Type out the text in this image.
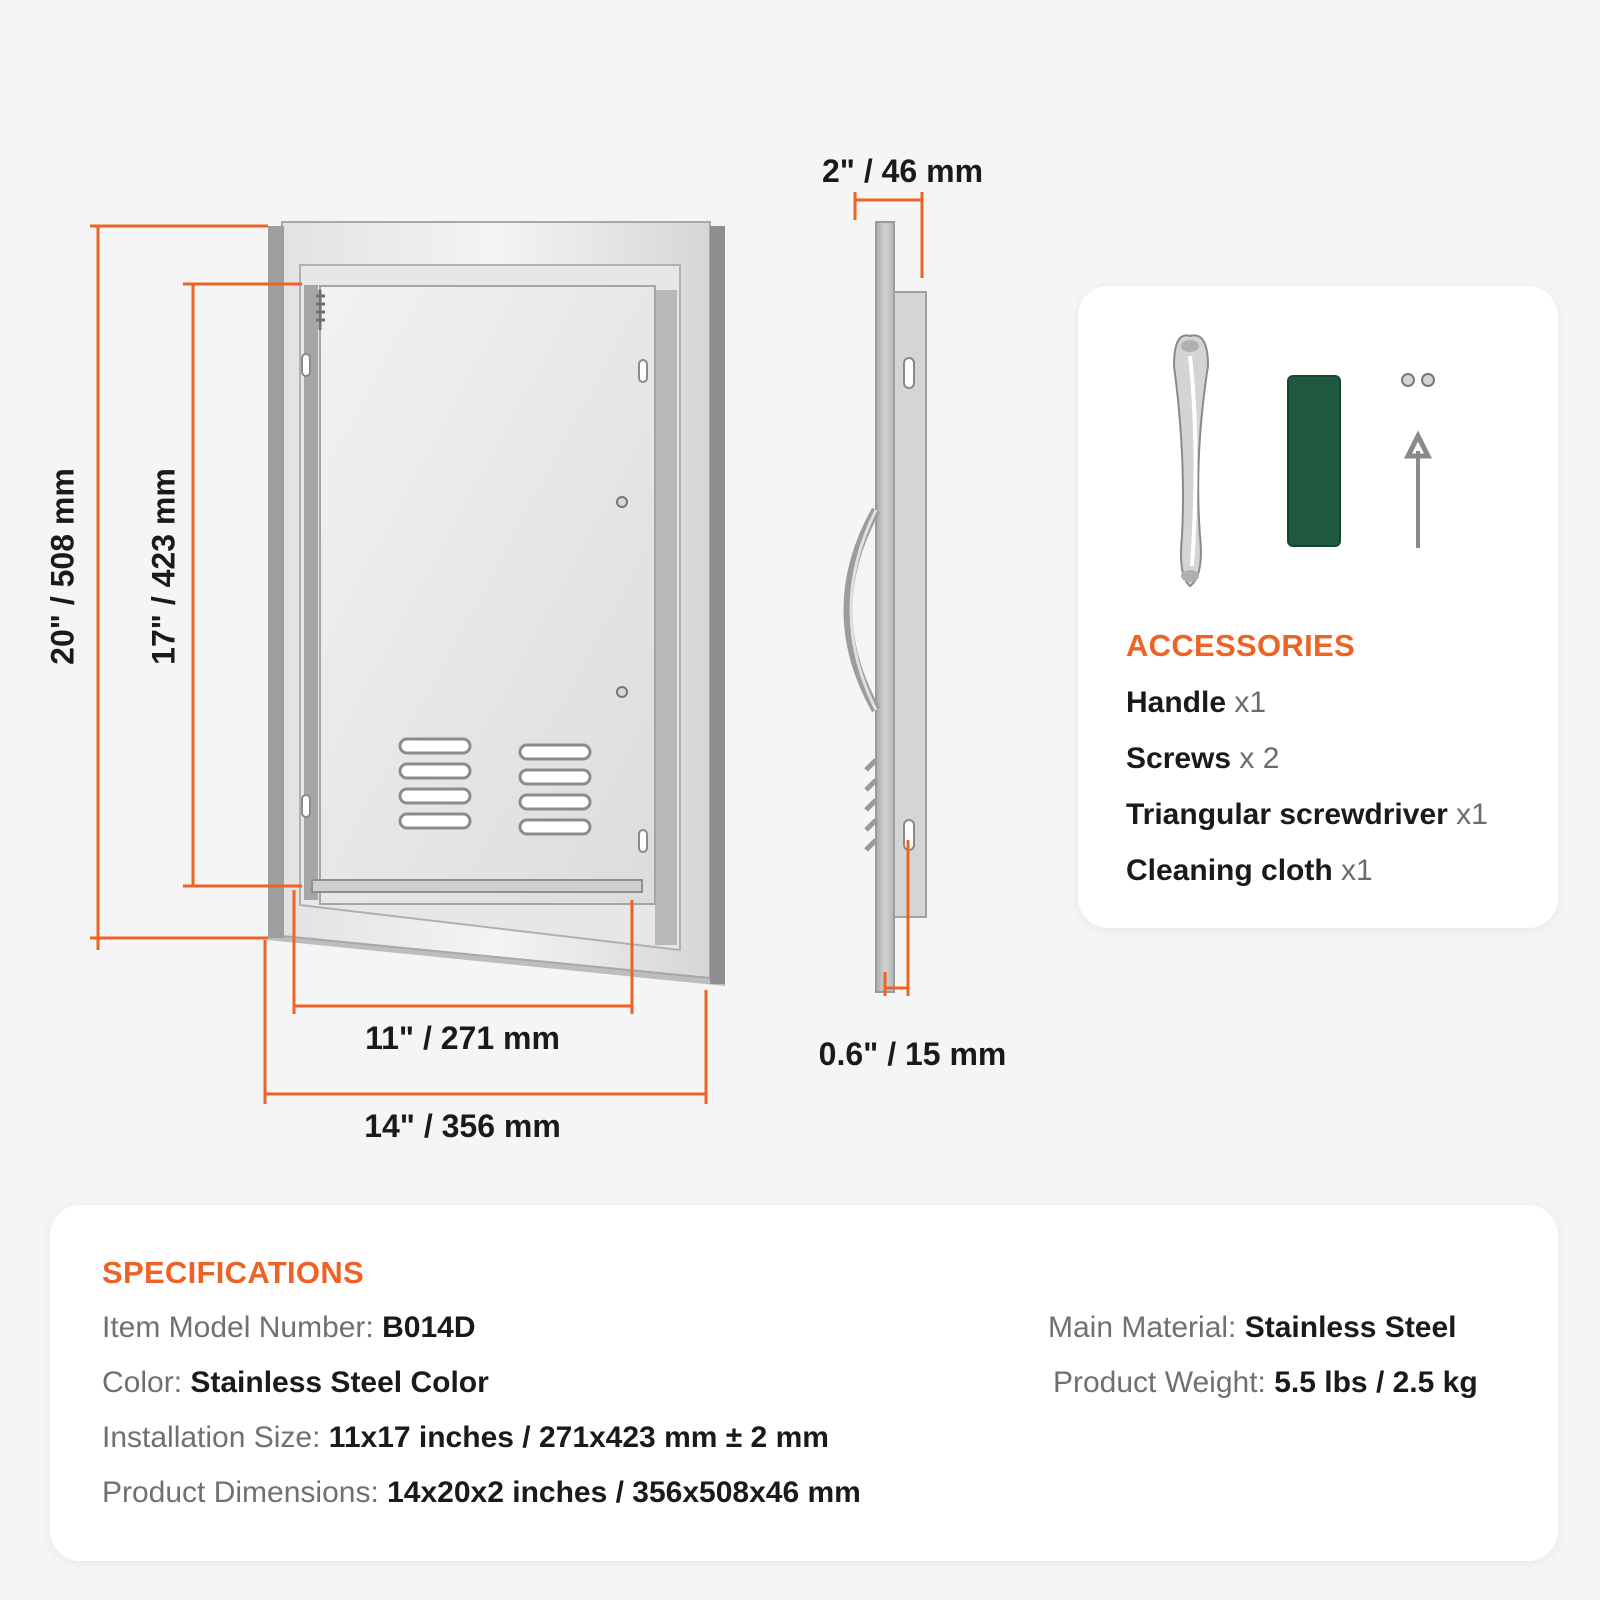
20" / 508 mm 17" / 423 mm
11" / 271 mm
14" / 356 mm
2" / 46 mm
0.6" / 15 mm
ACCESSORIES
Handle x1
Screws x 2
Triangular screwdriver x1
Cleaning cloth x1
SPECIFICATIONS
Item Model Number: B014D
Color: Stainless Steel Color
Installation Size: 11x17 inches / 271x423 mm ± 2 mm
Product Dimensions: 14x20x2 inches / 356x508x46 mm
Main Material: Stainless Steel
Product Weight: 5.5 lbs / 2.5 kg
